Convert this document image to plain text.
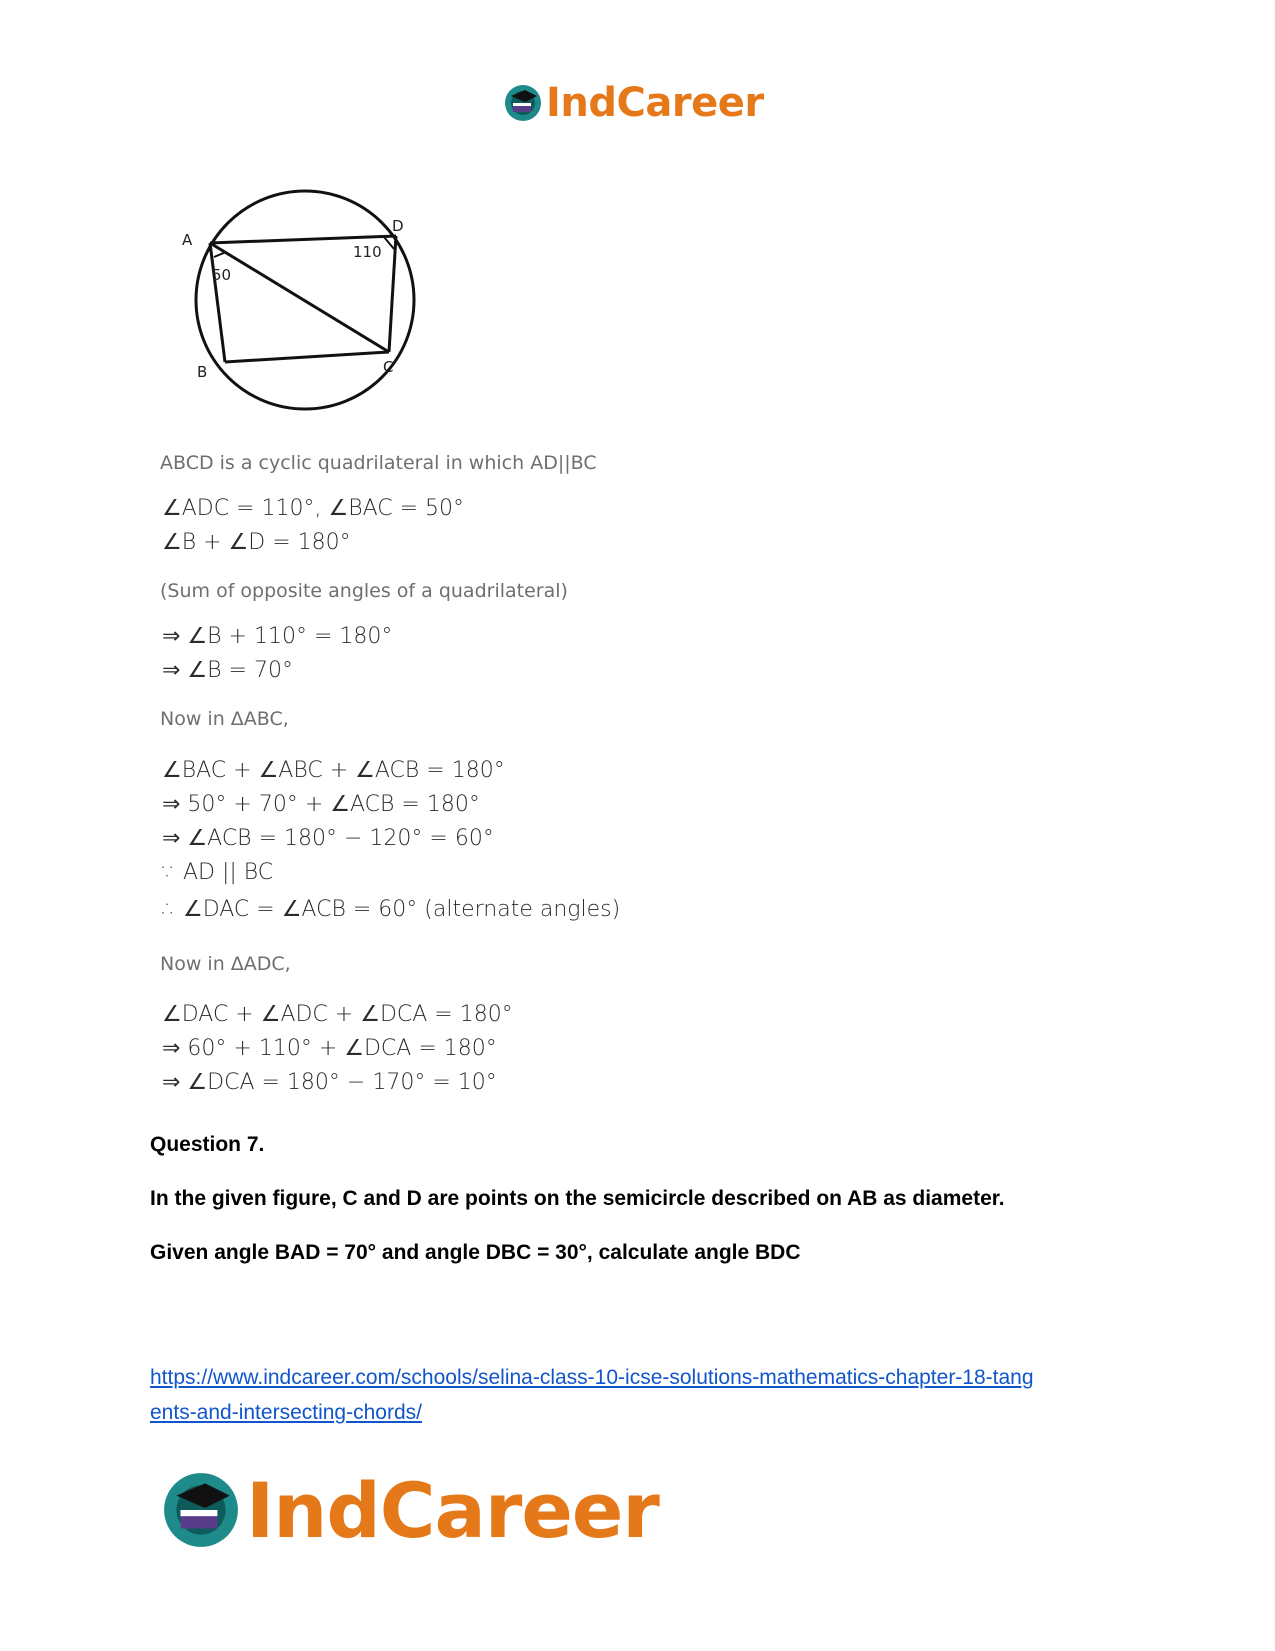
IndCareer
A
D
B	C
50
110
ABCD is a cyclic quadrilateral in which AD||BC
∠ADC = 110°, ∠BAC = 50°
∠B + ∠D = 180°
(Sum of opposite angles of a quadrilateral)
⇒ ∠B + 110° = 180°
⇒ ∠B = 70°
Now in ΔABC,
∠BAC + ∠ABC + ∠ACB = 180°
⇒ 50° + 70° + ∠ACB = 180°
⇒ ∠ACB = 180° − 120° = 60°
∵ AD || BC
∴ ∠DAC = ∠ACB = 60° (alternate angles)
Now in ΔADC,
∠DAC + ∠ADC + ∠DCA = 180°
⇒ 60° + 110° + ∠DCA = 180°
⇒ ∠DCA = 180° − 170° = 10°
Question 7.
In the given figure, C and D are points on the semicircle described on AB as diameter.
Given angle BAD = 70° and angle DBC = 30°, calculate angle BDC
https://www.indcareer.com/schools/selina-class-10-icse-solutions-mathematics-chapter-18-tang
ents-and-intersecting-chords/
IndCareer
